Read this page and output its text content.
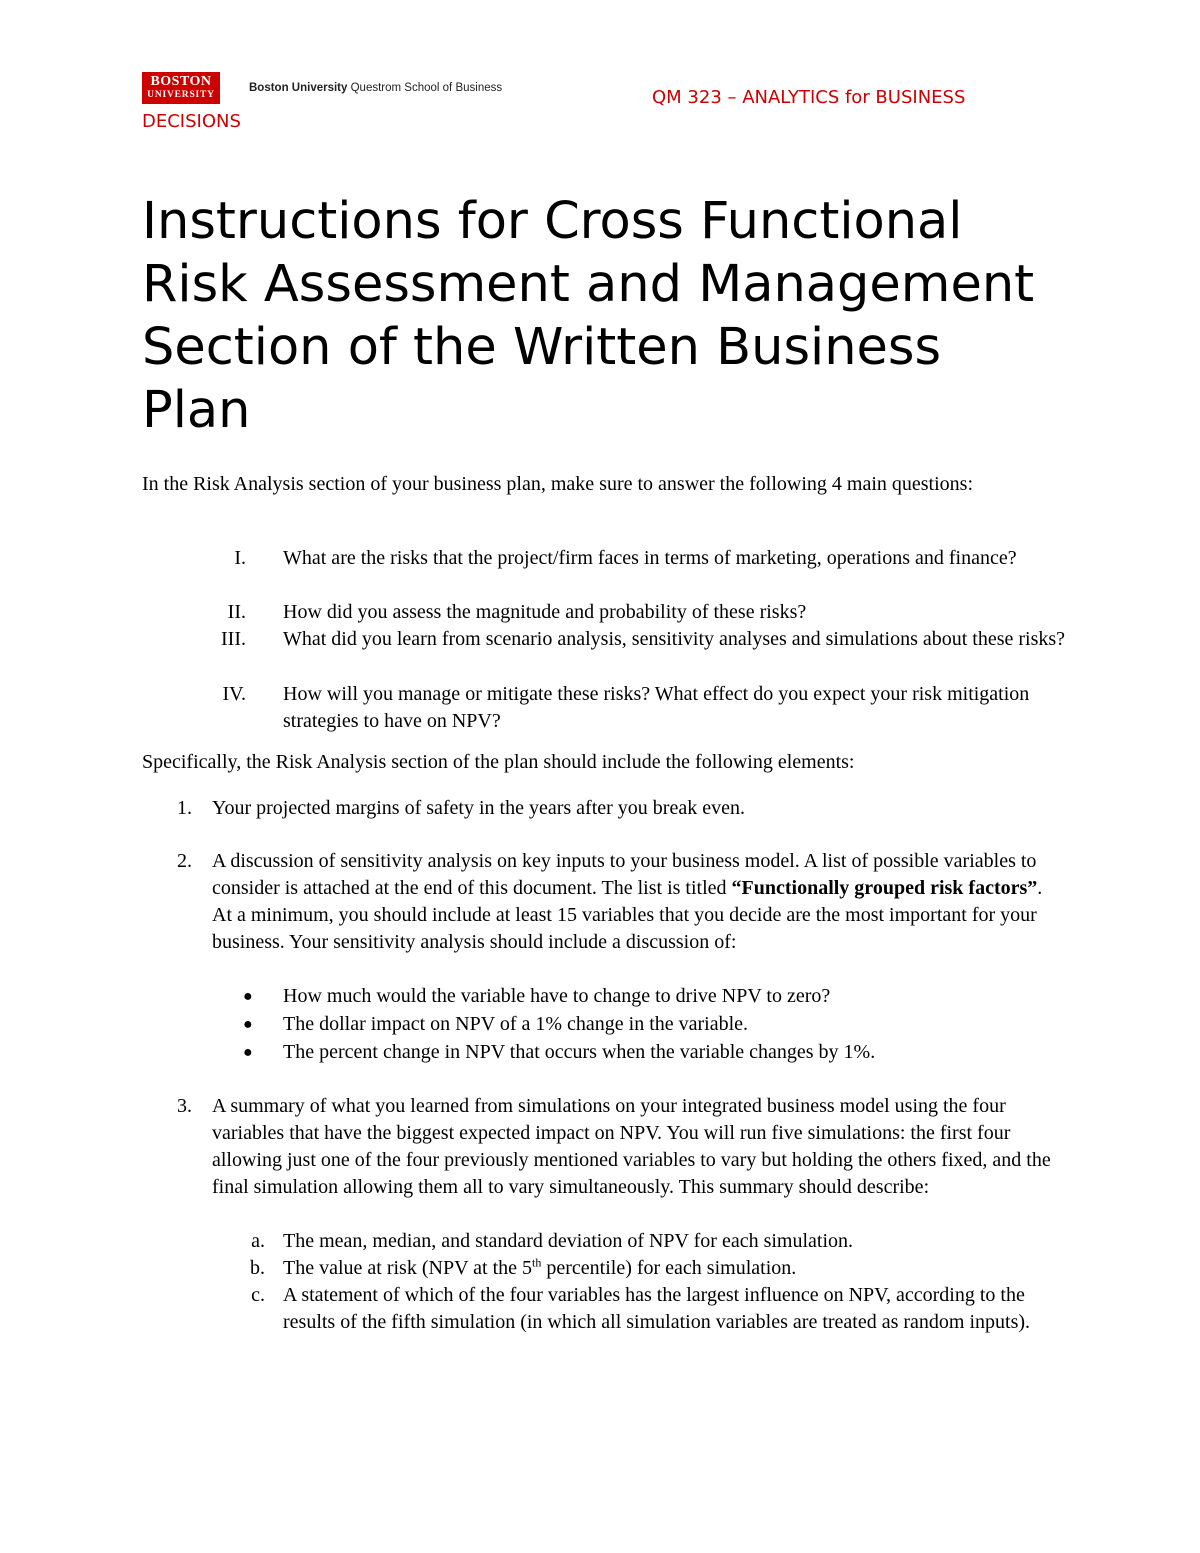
BOSTON
UNIVERSITY
Boston University Questrom School of Business	QM 323 – ANALYTICS for BUSINESS
DECISIONS
Instructions for Cross Functional Risk Assessment and Management Section of the Written Business Plan
In the Risk Analysis section of your business plan, make sure to answer the following 4 main questions:
I. What are the risks that the project/firm faces in terms of marketing, operations and finance?
II. How did you assess the magnitude and probability of these risks?
III. What did you learn from scenario analysis, sensitivity analyses and simulations about these risks?
IV. How will you manage or mitigate these risks? What effect do you expect your risk mitigation strategies to have on NPV?
Specifically, the Risk Analysis section of the plan should include the following elements:
1. Your projected margins of safety in the years after you break even.
2. A discussion of sensitivity analysis on key inputs to your business model. A list of possible variables to consider is attached at the end of this document. The list is titled “Functionally grouped risk factors”. At a minimum, you should include at least 15 variables that you decide are the most important for your business. Your sensitivity analysis should include a discussion of:
●	How much would the variable have to change to drive NPV to zero?
●	The dollar impact on NPV of a 1% change in the variable.
●	The percent change in NPV that occurs when the variable changes by 1%.
3. A summary of what you learned from simulations on your integrated business model using the four variables that have the biggest expected impact on NPV. You will run five simulations: the first four allowing just one of the four previously mentioned variables to vary but holding the others fixed, and the final simulation allowing them all to vary simultaneously. This summary should describe:
a. The mean, median, and standard deviation of NPV for each simulation.
b. The value at risk (NPV at the 5th percentile) for each simulation.
c. A statement of which of the four variables has the largest influence on NPV, according to the results of the fifth simulation (in which all simulation variables are treated as random inputs).
